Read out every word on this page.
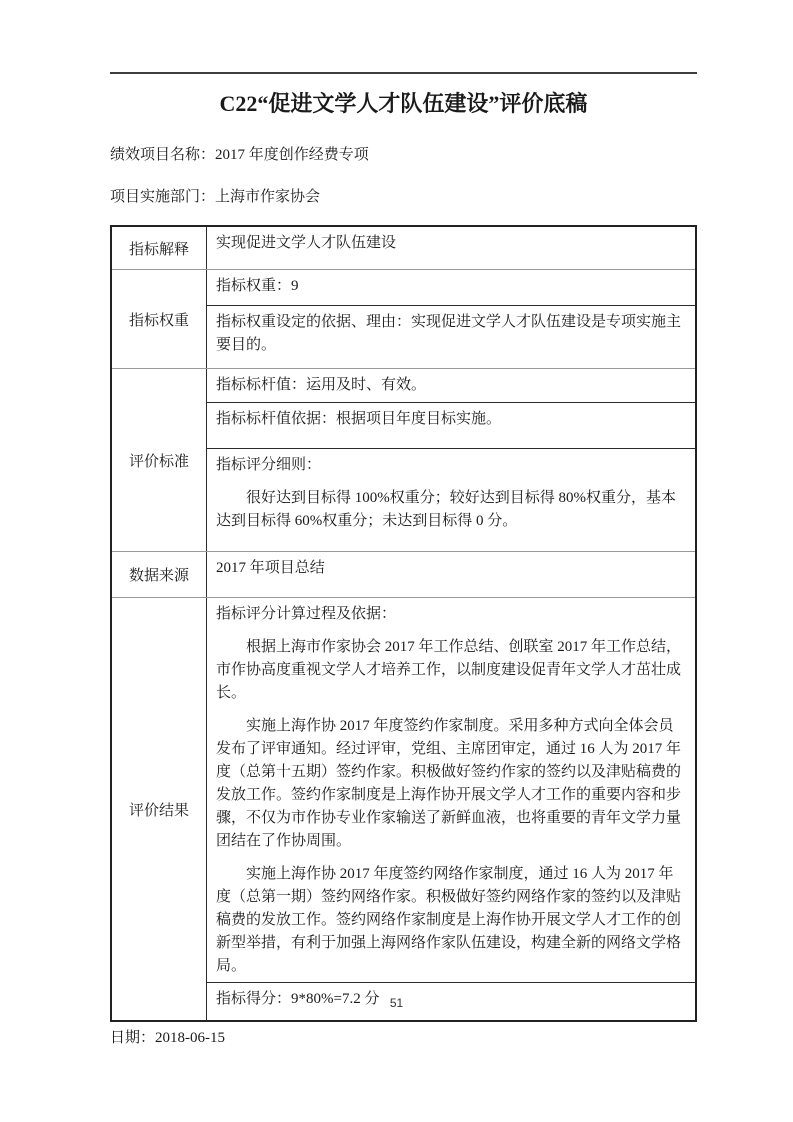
C22“促进文学人才队伍建设”评价底稿

绩效项目名称：2017 年度创作经费专项

项目实施部门：上海市作家协会

指标解释	实现促进文学人才队伍建设

指标权重

指标权重：9

指标权重设定的依据、理由：实现促进文学人才队伍建设是专项实施主要目的。

评价标准

指标标杆值：运用及时、有效。

指标标杆值依据：根据项目年度目标实施。

指标评分细则：

很好达到目标得 100%权重分；较好达到目标得 80%权重分，基本达到目标得 60%权重分；未达到目标得 0 分。

数据来源	2017 年项目总结

评价结果

指标评分计算过程及依据：

根据上海市作家协会 2017 年工作总结、创联室 2017 年工作总结，市作协高度重视文学人才培养工作，以制度建设促青年文学人才茁壮成长。

实施上海作协 2017 年度签约作家制度。采用多种方式向全体会员发布了评审通知。经过评审，党组、主席团审定，通过 16 人为 2017 年度（总第十五期）签约作家。积极做好签约作家的签约以及津贴稿费的发放工作。签约作家制度是上海作协开展文学人才工作的重要内容和步骤，不仅为市作协专业作家输送了新鲜血液，也将重要的青年文学力量团结在了作协周围。

实施上海作协 2017 年度签约网络作家制度，通过 16 人为 2017 年度（总第一期）签约网络作家。积极做好签约网络作家的签约以及津贴稿费的发放工作。签约网络作家制度是上海作协开展文学人才工作的创新型举措，有利于加强上海网络作家队伍建设，构建全新的网络文学格局。

指标得分：9*80%=7.2 分

日期：2018-06-15

51
